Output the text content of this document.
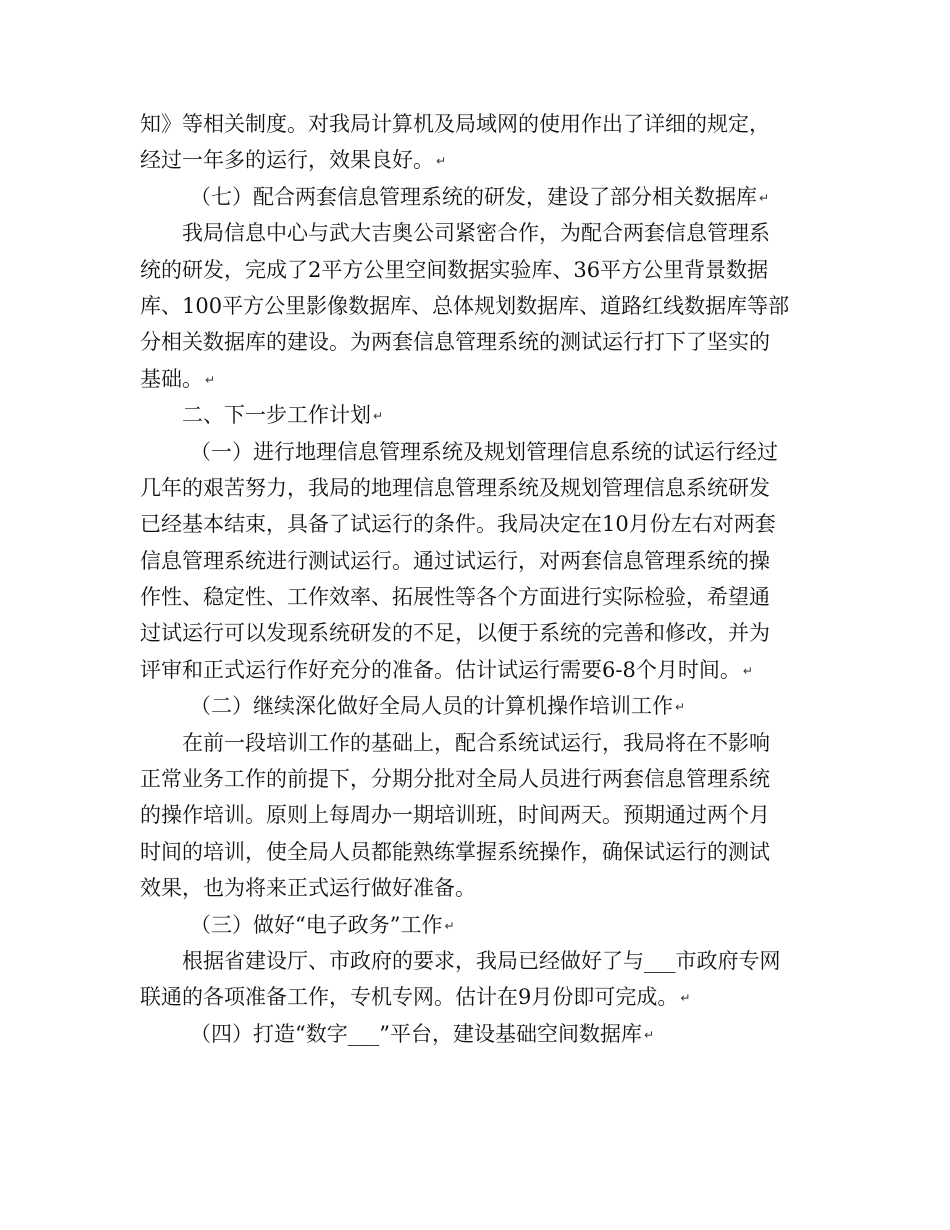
知》等相关制度。对我局计算机及局域网的使用作出了详细的规定，
经过一年多的运行，效果良好。 ↵
（七）配合两套信息管理系统的研发，建设了部分相关数据库 ↵
我局信息中心与武大吉奥公司紧密合作，为配合两套信息管理系
统的研发，完成了2平方公里空间数据实验库、36平方公里背景数据
库、100平方公里影像数据库、总体规划数据库、道路红线数据库等部
分相关数据库的建设。为两套信息管理系统的测试运行打下了坚实的
基础。 ↵
二、下一步工作计划 ↵
（一）进行地理信息管理系统及规划管理信息系统的试运行经过
几年的艰苦努力，我局的地理信息管理系统及规划管理信息系统研发
已经基本结束，具备了试运行的条件。我局决定在10月份左右对两套
信息管理系统进行测试运行。通过试运行，对两套信息管理系统的操
作性、稳定性、工作效率、拓展性等各个方面进行实际检验，希望通
过试运行可以发现系统研发的不足，以便于系统的完善和修改，并为
评审和正式运行作好充分的准备。估计试运行需要6-8个月时间。 ↵
（二）继续深化做好全局人员的计算机操作培训工作 ↵
在前一段培训工作的基础上，配合系统试运行，我局将在不影响
正常业务工作的前提下，分期分批对全局人员进行两套信息管理系统
的操作培训。原则上每周办一期培训班，时间两天。预期通过两个月
时间的培训，使全局人员都能熟练掌握系统操作，确保试运行的测试
效果，也为将来正式运行做好准备。
（三）做好“电子政务”工作 ↵
根据省建设厅、市政府的要求，我局已经做好了与___市政府专网
联通的各项准备工作，专机专网。估计在9月份即可完成。 ↵
（四）打造“数字___”平台，建设基础空间数据库 ↵
